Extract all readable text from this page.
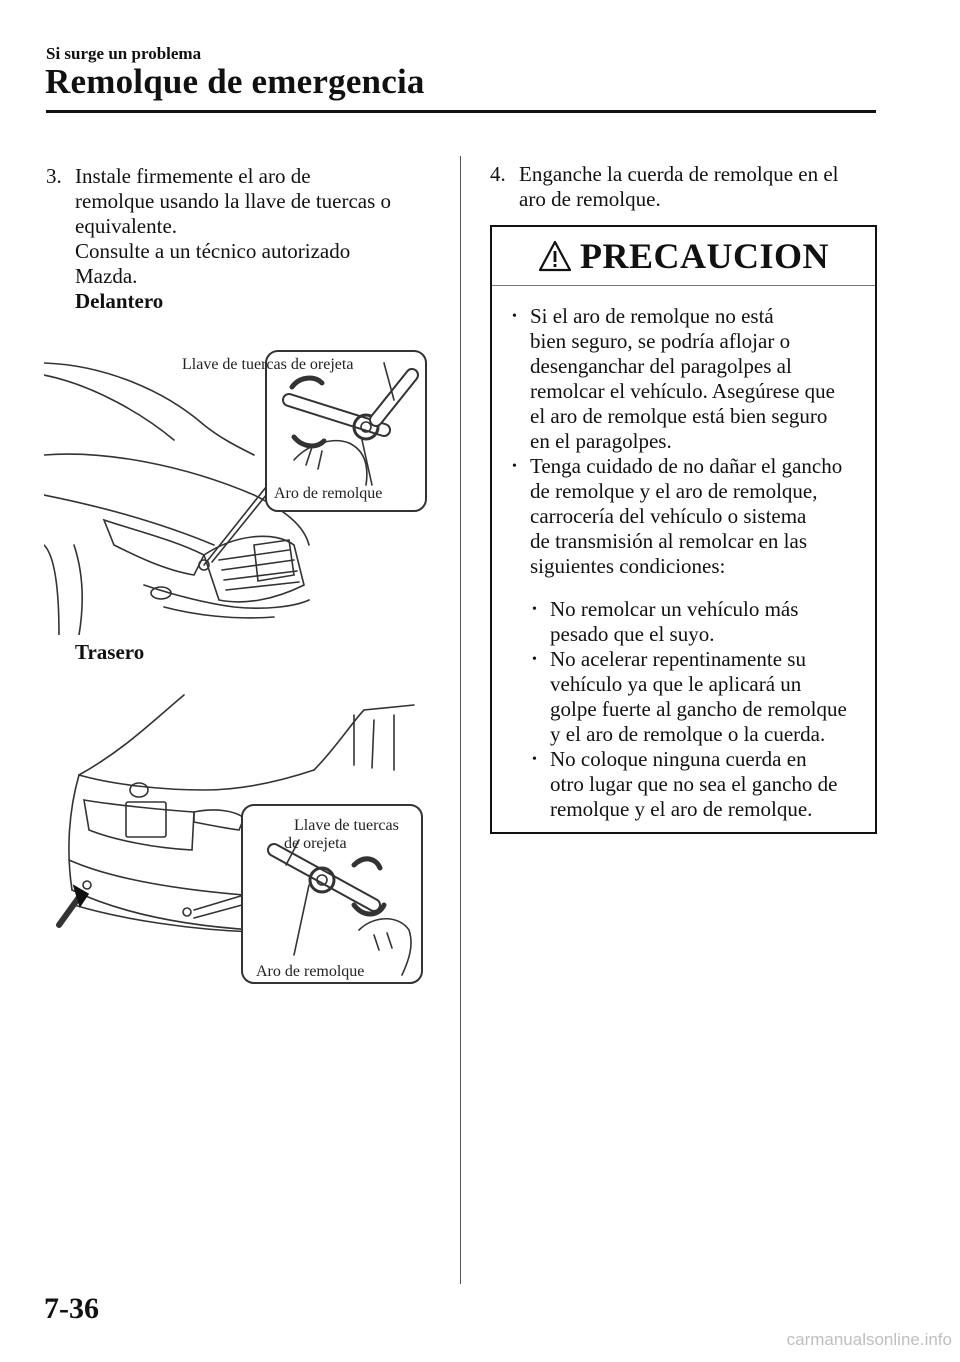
Si surge un problema
Remolque de emergencia
3. Instale firmemente el aro de

remolque usando la llave de tuercas o

equivalente.

Consulte a un técnico autorizado

Mazda.

Delantero

Llave de tuercas de orejeta
Aro de remolque
Trasero
Llave de tuercas
de orejeta
Aro de remolque
4. Enganche la cuerda de remolque en el

aro de remolque.

PRECAUCION
• Si el aro de remolque no está
bien seguro, se podría aflojar o
desenganchar del paragolpes al
remolcar el vehículo. Asegúrese que
el aro de remolque está bien seguro
en el paragolpes.
• Tenga cuidado de no dañar el gancho
de remolque y el aro de remolque,
carrocería del vehículo o sistema
de transmisión al remolcar en las
siguientes condiciones:
• No remolcar un vehículo más
pesado que el suyo.
• No acelerar repentinamente su
vehículo ya que le aplicará un
golpe fuerte al gancho de remolque
y el aro de remolque o la cuerda.
• No coloque ninguna cuerda en
otro lugar que no sea el gancho de
remolque y el aro de remolque.
7-36
carmanualsonline.info
